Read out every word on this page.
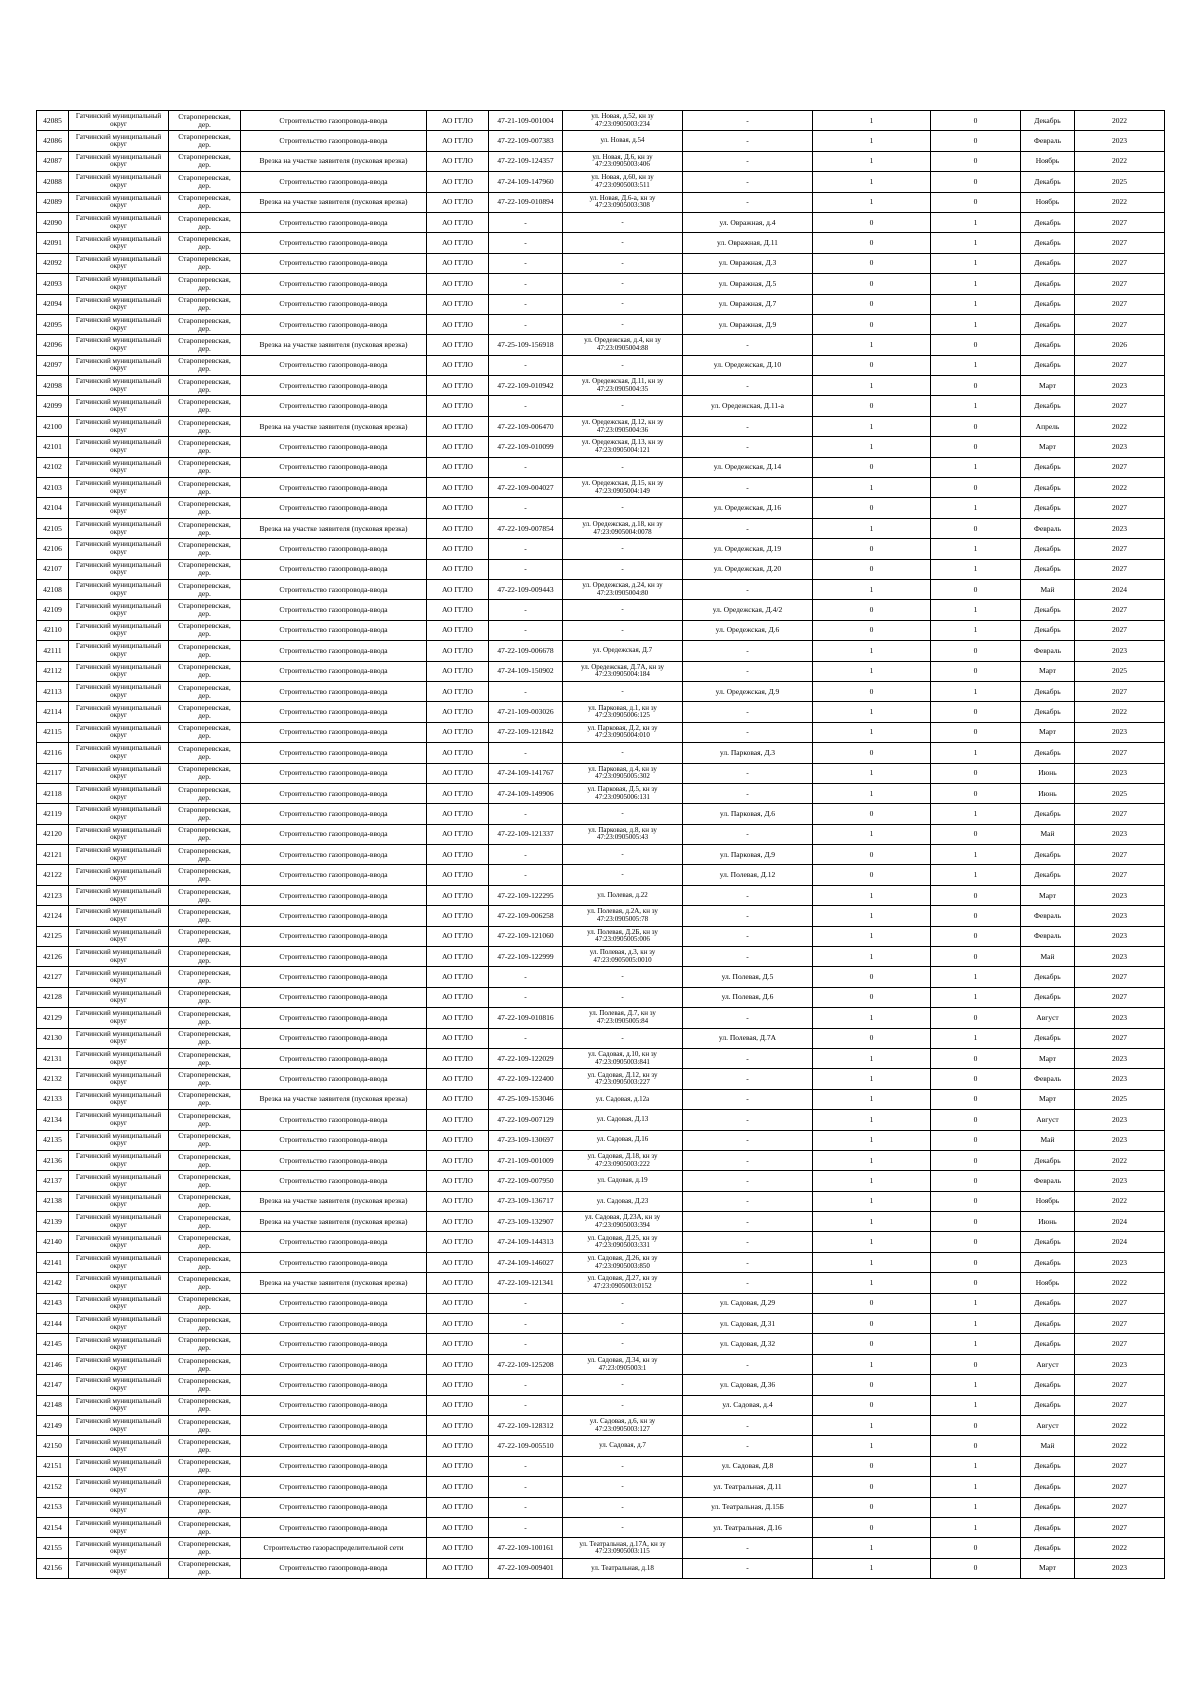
42085	Гатчинский муниципальный округ	Староперевская, дер.	Строительство газопровода-ввода	АО ГГЛО	47-21-109-001004	ул. Новая, д.52, кн зу 47:23:0905003:234	-	1	0	Декабрь	2022
42086	Гатчинский муниципальный округ	Староперевская, дер.	Строительство газопровода-ввода	АО ГГЛО	47-22-109-007383	ул. Новая, д.54	-	1	0	Февраль	2023
42087	Гатчинский муниципальный округ	Староперевская, дер.	Врезка на участке заявителя (пусковая врезка)	АО ГГЛО	47-22-109-124357	ул. Новая, Д.6, кн зу 47:23:0905003:406	-	1	0	Ноябрь	2022
42088	Гатчинский муниципальный округ	Староперевская, дер.	Строительство газопровода-ввода	АО ГГЛО	47-24-109-147960	ул. Новая, д.60, кн зу 47:23:0905003:511	-	1	0	Декабрь	2025
42089	Гатчинский муниципальный округ	Староперевская, дер.	Врезка на участке заявителя (пусковая врезка)	АО ГГЛО	47-22-109-010894	ул. Новая, Д.6-а, кн зу 47:23:0905003:308	-	1	0	Ноябрь	2022
42090	Гатчинский муниципальный округ	Староперевская, дер.	Строительство газопровода-ввода	АО ГГЛО	-	-	ул. Овражная, д.4	0	1	Декабрь	2027
42091	Гатчинский муниципальный округ	Староперевская, дер.	Строительство газопровода-ввода	АО ГГЛО	-	-	ул. Овражная, Д.11	0	1	Декабрь	2027
42092	Гатчинский муниципальный округ	Староперевская, дер.	Строительство газопровода-ввода	АО ГГЛО	-	-	ул. Овражная, Д.3	0	1	Декабрь	2027
42093	Гатчинский муниципальный округ	Староперевская, дер.	Строительство газопровода-ввода	АО ГГЛО	-	-	ул. Овражная, Д.5	0	1	Декабрь	2027
42094	Гатчинский муниципальный округ	Староперевская, дер.	Строительство газопровода-ввода	АО ГГЛО	-	-	ул. Овражная, Д.7	0	1	Декабрь	2027
42095	Гатчинский муниципальный округ	Староперевская, дер.	Строительство газопровода-ввода	АО ГГЛО	-	-	ул. Овражная, Д.9	0	1	Декабрь	2027
42096	Гатчинский муниципальный округ	Староперевская, дер.	Врезка на участке заявителя (пусковая врезка)	АО ГГЛО	47-25-109-156918	ул. Оредежская, д.4, кн зу 47:23:0905004:88	-	1	0	Декабрь	2026
42097	Гатчинский муниципальный округ	Староперевская, дер.	Строительство газопровода-ввода	АО ГГЛО	-	-	ул. Оредежская, Д.10	0	1	Декабрь	2027
42098	Гатчинский муниципальный округ	Староперевская, дер.	Строительство газопровода-ввода	АО ГГЛО	47-22-109-010942	ул. Оредежская, Д.11, кн зу 47:23:0905004:35	-	1	0	Март	2023
42099	Гатчинский муниципальный округ	Староперевская, дер.	Строительство газопровода-ввода	АО ГГЛО	-	-	ул. Оредежская, Д.11-а	0	1	Декабрь	2027
42100	Гатчинский муниципальный округ	Староперевская, дер.	Врезка на участке заявителя (пусковая врезка)	АО ГГЛО	47-22-109-006470	ул. Оредежская, Д.12, кн зу 47:23:0905004:36	-	1	0	Апрель	2022
42101	Гатчинский муниципальный округ	Староперевская, дер.	Строительство газопровода-ввода	АО ГГЛО	47-22-109-010099	ул. Оредежская, Д.13, кн зу 47:23:0905004:121	-	1	0	Март	2023
42102	Гатчинский муниципальный округ	Староперевская, дер.	Строительство газопровода-ввода	АО ГГЛО	-	-	ул. Оредежская, Д.14	0	1	Декабрь	2027
42103	Гатчинский муниципальный округ	Староперевская, дер.	Строительство газопровода-ввода	АО ГГЛО	47-22-109-004027	ул. Оредежская, Д.15, кн зу 47:23:0905004:149	-	1	0	Декабрь	2022
42104	Гатчинский муниципальный округ	Староперевская, дер.	Строительство газопровода-ввода	АО ГГЛО	-	-	ул. Оредежская, Д.16	0	1	Декабрь	2027
42105	Гатчинский муниципальный округ	Староперевская, дер.	Врезка на участке заявителя (пусковая врезка)	АО ГГЛО	47-22-109-007854	ул. Оредежская, д.18, кн зу 47:23:0905004:0078	-	1	0	Февраль	2023
42106	Гатчинский муниципальный округ	Староперевская, дер.	Строительство газопровода-ввода	АО ГГЛО	-	-	ул. Оредежская, Д.19	0	1	Декабрь	2027
42107	Гатчинский муниципальный округ	Староперевская, дер.	Строительство газопровода-ввода	АО ГГЛО	-	-	ул. Оредежская, Д.20	0	1	Декабрь	2027
42108	Гатчинский муниципальный округ	Староперевская, дер.	Строительство газопровода-ввода	АО ГГЛО	47-22-109-009443	ул. Оредежская, д.24, кн зу 47:23:0905004:80	-	1	0	Май	2024
42109	Гатчинский муниципальный округ	Староперевская, дер.	Строительство газопровода-ввода	АО ГГЛО	-	-	ул. Оредежская, Д.4/2	0	1	Декабрь	2027
42110	Гатчинский муниципальный округ	Староперевская, дер.	Строительство газопровода-ввода	АО ГГЛО	-	-	ул. Оредежская, Д.6	0	1	Декабрь	2027
42111	Гатчинский муниципальный округ	Староперевская, дер.	Строительство газопровода-ввода	АО ГГЛО	47-22-109-006678	ул. Оредежская, Д.7	-	1	0	Февраль	2023
42112	Гатчинский муниципальный округ	Староперевская, дер.	Строительство газопровода-ввода	АО ГГЛО	47-24-109-150902	ул. Оредежская, Д.7А, кн зу 47:23:0905004:184	-	1	0	Март	2025
42113	Гатчинский муниципальный округ	Староперевская, дер.	Строительство газопровода-ввода	АО ГГЛО	-	-	ул. Оредежская, Д.9	0	1	Декабрь	2027
42114	Гатчинский муниципальный округ	Староперевская, дер.	Строительство газопровода-ввода	АО ГГЛО	47-21-109-003026	ул. Парковая, д.1, кн зу 47:23:0905006:125	-	1	0	Декабрь	2022
42115	Гатчинский муниципальный округ	Староперевская, дер.	Строительство газопровода-ввода	АО ГГЛО	47-22-109-121842	ул. Парковая, Д.2, кн зу 47:23:0905004:010	-	1	0	Март	2023
42116	Гатчинский муниципальный округ	Староперевская, дер.	Строительство газопровода-ввода	АО ГГЛО	-	-	ул. Парковая, Д.3	0	1	Декабрь	2027
42117	Гатчинский муниципальный округ	Староперевская, дер.	Строительство газопровода-ввода	АО ГГЛО	47-24-109-141767	ул. Парковая, д.4, кн зу 47:23:0905005:302	-	1	0	Июнь	2023
42118	Гатчинский муниципальный округ	Староперевская, дер.	Строительство газопровода-ввода	АО ГГЛО	47-24-109-149906	ул. Парковая, Д.5, кн зу 47:23:0905006:131	-	1	0	Июнь	2025
42119	Гатчинский муниципальный округ	Староперевская, дер.	Строительство газопровода-ввода	АО ГГЛО	-	-	ул. Парковая, Д.6	0	1	Декабрь	2027
42120	Гатчинский муниципальный округ	Староперевская, дер.	Строительство газопровода-ввода	АО ГГЛО	47-22-109-121337	ул. Парковая, д.8, кн зу 47:23:0905005:43	-	1	0	Май	2023
42121	Гатчинский муниципальный округ	Староперевская, дер.	Строительство газопровода-ввода	АО ГГЛО	-	-	ул. Парковая, Д.9	0	1	Декабрь	2027
42122	Гатчинский муниципальный округ	Староперевская, дер.	Строительство газопровода-ввода	АО ГГЛО	-	-	ул. Полевая, Д.12	0	1	Декабрь	2027
42123	Гатчинский муниципальный округ	Староперевская, дер.	Строительство газопровода-ввода	АО ГГЛО	47-22-109-122295	ул. Полевая, д.22	-	1	0	Март	2023
42124	Гатчинский муниципальный округ	Староперевская, дер.	Строительство газопровода-ввода	АО ГГЛО	47-22-109-006258	ул. Полевая, д.2А, кн зу 47:23:0905005:78	-	1	0	Февраль	2023
42125	Гатчинский муниципальный округ	Староперевская, дер.	Строительство газопровода-ввода	АО ГГЛО	47-22-109-121060	ул. Полевая, Д.2Б, кн зу 47:23:0905005:006	-	1	0	Февраль	2023
42126	Гатчинский муниципальный округ	Староперевская, дер.	Строительство газопровода-ввода	АО ГГЛО	47-22-109-122999	ул. Полевая, д.3, кн зу 47:23:0905005:0010	-	1	0	Май	2023
42127	Гатчинский муниципальный округ	Староперевская, дер.	Строительство газопровода-ввода	АО ГГЛО	-	-	ул. Полевая, Д.5	0	1	Декабрь	2027
42128	Гатчинский муниципальный округ	Староперевская, дер.	Строительство газопровода-ввода	АО ГГЛО	-	-	ул. Полевая, Д.6	0	1	Декабрь	2027
42129	Гатчинский муниципальный округ	Староперевская, дер.	Строительство газопровода-ввода	АО ГГЛО	47-22-109-010816	ул. Полевая, Д.7, кн зу 47:23:0905005:84	-	1	0	Август	2023
42130	Гатчинский муниципальный округ	Староперевская, дер.	Строительство газопровода-ввода	АО ГГЛО	-	-	ул. Полевая, Д.7А	0	1	Декабрь	2027
42131	Гатчинский муниципальный округ	Староперевская, дер.	Строительство газопровода-ввода	АО ГГЛО	47-22-109-122029	ул. Садовая, д.10, кн зу 47:23:0905003:841	-	1	0	Март	2023
42132	Гатчинский муниципальный округ	Староперевская, дер.	Строительство газопровода-ввода	АО ГГЛО	47-22-109-122400	ул. Садовая, Д.12, кн зу 47:23:0905003:227	-	1	0	Февраль	2023
42133	Гатчинский муниципальный округ	Староперевская, дер.	Врезка на участке заявителя (пусковая врезка)	АО ГГЛО	47-25-109-153046	ул. Садовая, д.12а	-	1	0	Март	2025
42134	Гатчинский муниципальный округ	Староперевская, дер.	Строительство газопровода-ввода	АО ГГЛО	47-22-109-007129	ул. Садовая, Д.13	-	1	0	Август	2023
42135	Гатчинский муниципальный округ	Староперевская, дер.	Строительство газопровода-ввода	АО ГГЛО	47-23-109-130697	ул. Садовая, Д.16	-	1	0	Май	2023
42136	Гатчинский муниципальный округ	Староперевская, дер.	Строительство газопровода-ввода	АО ГГЛО	47-21-109-001009	ул. Садовая, Д.18, кн зу 47:23:0905003:222	-	1	0	Декабрь	2022
42137	Гатчинский муниципальный округ	Староперевская, дер.	Строительство газопровода-ввода	АО ГГЛО	47-22-109-007950	ул. Садовая, д.19	-	1	0	Февраль	2023
42138	Гатчинский муниципальный округ	Староперевская, дер.	Врезка на участке заявителя (пусковая врезка)	АО ГГЛО	47-23-109-136717	ул. Садовая, Д.23	-	1	0	Ноябрь	2022
42139	Гатчинский муниципальный округ	Староперевская, дер.	Врезка на участке заявителя (пусковая врезка)	АО ГГЛО	47-23-109-132907	ул. Садовая, Д.23А, кн зу 47:23:0905003:394	-	1	0	Июнь	2024
42140	Гатчинский муниципальный округ	Староперевская, дер.	Строительство газопровода-ввода	АО ГГЛО	47-24-109-144313	ул. Садовая, Д.25, кн зу 47:23:0905003:331	-	1	0	Декабрь	2024
42141	Гатчинский муниципальный округ	Староперевская, дер.	Строительство газопровода-ввода	АО ГГЛО	47-24-109-146027	ул. Садовая, Д.26, кн зу 47:23:0905003:850	-	1	0	Декабрь	2023
42142	Гатчинский муниципальный округ	Староперевская, дер.	Врезка на участке заявителя (пусковая врезка)	АО ГГЛО	47-22-109-121341	ул. Садовая, Д.27, кн зу 47:23:0905003:0152	-	1	0	Ноябрь	2022
42143	Гатчинский муниципальный округ	Староперевская, дер.	Строительство газопровода-ввода	АО ГГЛО	-	-	ул. Садовая, Д.29	0	1	Декабрь	2027
42144	Гатчинский муниципальный округ	Староперевская, дер.	Строительство газопровода-ввода	АО ГГЛО	-	-	ул. Садовая, Д.31	0	1	Декабрь	2027
42145	Гатчинский муниципальный округ	Староперевская, дер.	Строительство газопровода-ввода	АО ГГЛО	-	-	ул. Садовая, Д.32	0	1	Декабрь	2027
42146	Гатчинский муниципальный округ	Староперевская, дер.	Строительство газопровода-ввода	АО ГГЛО	47-22-109-125208	ул. Садовая, Д.34, кн зу 47:23:0905003:1	-	1	0	Август	2023
42147	Гатчинский муниципальный округ	Староперевская, дер.	Строительство газопровода-ввода	АО ГГЛО	-	-	ул. Садовая, Д.36	0	1	Декабрь	2027
42148	Гатчинский муниципальный округ	Староперевская, дер.	Строительство газопровода-ввода	АО ГГЛО	-	-	ул. Садовая, д.4	0	1	Декабрь	2027
42149	Гатчинский муниципальный округ	Староперевская, дер.	Строительство газопровода-ввода	АО ГГЛО	47-22-109-128312	ул. Садовая, д.6, кн зу 47:23:0905003:127	-	1	0	Август	2022
42150	Гатчинский муниципальный округ	Староперевская, дер.	Строительство газопровода-ввода	АО ГГЛО	47-22-109-005510	ул. Садовая, д.7	-	1	0	Май	2022
42151	Гатчинский муниципальный округ	Староперевская, дер.	Строительство газопровода-ввода	АО ГГЛО	-	-	ул. Садовая, Д.8	0	1	Декабрь	2027
42152	Гатчинский муниципальный округ	Староперевская, дер.	Строительство газопровода-ввода	АО ГГЛО	-	-	ул. Театральная, Д.11	0	1	Декабрь	2027
42153	Гатчинский муниципальный округ	Староперевская, дер.	Строительство газопровода-ввода	АО ГГЛО	-	-	ул. Театральная, Д.15Б	0	1	Декабрь	2027
42154	Гатчинский муниципальный округ	Староперевская, дер.	Строительство газопровода-ввода	АО ГГЛО	-	-	ул. Театральная, Д.16	0	1	Декабрь	2027
42155	Гатчинский муниципальный округ	Староперевская, дер.	Строительство газораспределительной сети	АО ГГЛО	47-22-109-100161	ул. Театральная, д.17А, кн зу 47:23:0905003:115	-	1	0	Декабрь	2022
42156	Гатчинский муниципальный округ	Староперевская, дер.	Строительство газопровода-ввода	АО ГГЛО	47-22-109-009401	ул. Театральная, д.18	-	1	0	Март	2023
